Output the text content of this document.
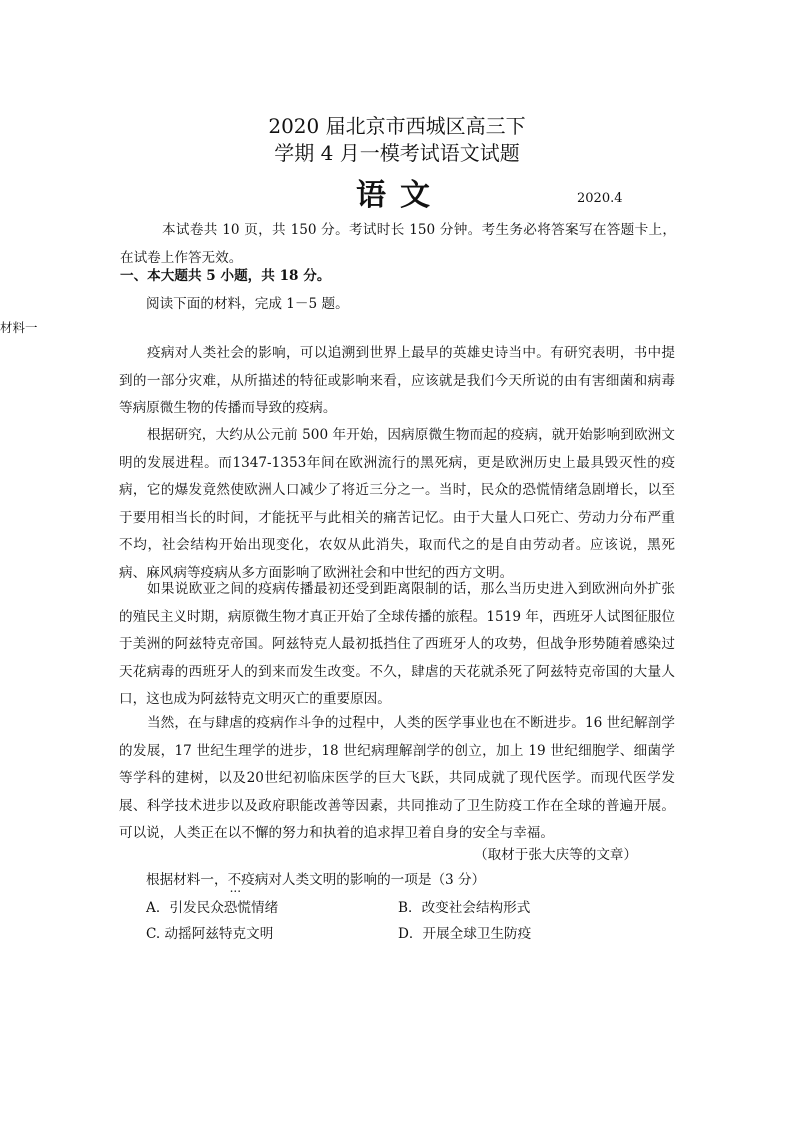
2020 届北京市西城区高三下
学期 4 月一模考试语文试题
语文	2020.4
本试卷共 10 页，共 150 分。考试时长 150 分钟。考生务必将答案写在答题卡上，在试卷上作答无效。
一、本大题共 5 小题，共 18 分。
阅读下面的材料，完成 1－5 题。
材料一
疫病对人类社会的影响，可以追溯到世界上最早的英雄史诗当中。有研究表明，书中提到的一部分灾难，从所描述的特征或影响来看，应该就是我们今天所说的由有害细菌和病毒等病原微生物的传播而导致的疫病。
根据研究，大约从公元前 500 年开始，因病原微生物而起的疫病，就开始影响到欧洲文明的发展进程。而1347-1353年间在欧洲流行的黑死病，更是欧洲历史上最具毁灭性的疫病，它的爆发竟然使欧洲人口减少了将近三分之一。当时，民众的恐慌情绪急剧增长，以至于要用相当长的时间，才能抚平与此相关的痛苦记忆。由于大量人口死亡、劳动力分布严重不均，社会结构开始出现变化，农奴从此消失，取而代之的是自由劳动者。应该说，黑死病、麻风病等疫病从多方面影响了欧洲社会和中世纪的西方文明。
如果说欧亚之间的疫病传播最初还受到距离限制的话，那么当历史进入到欧洲向外扩张的殖民主义时期，病原微生物才真正开始了全球传播的旅程。1519 年，西班牙人试图征服位于美洲的阿兹特克帝国。阿兹特克人最初抵挡住了西班牙人的攻势，但战争形势随着感染过天花病毒的西班牙人的到来而发生改变。不久，肆虐的天花就杀死了阿兹特克帝国的大量人口，这也成为阿兹特克文明灭亡的重要原因。
当然，在与肆虐的疫病作斗争的过程中，人类的医学事业也在不断进步。16 世纪解剖学的发展，17 世纪生理学的进步，18 世纪病理解剖学的创立，加上 19 世纪细胞学、细菌学等学科的建树，以及20世纪初临床医学的巨大飞跃，共同成就了现代医学。而现代医学发展、科学技术进步以及政府职能改善等因素，共同推动了卫生防疫工作在全球的普遍开展。可以说，人类正在以不懈的努力和执着的追求捍卫着自身的安全与幸福。
（取材于张大庆等的文章）
根据材料一，不 ...疫病对人类文明的影响的一项是（3 分）
A．引发民众恐慌情绪	B．改变社会结构形式
C. 动摇阿兹特克文明	D．开展全球卫生防疫
